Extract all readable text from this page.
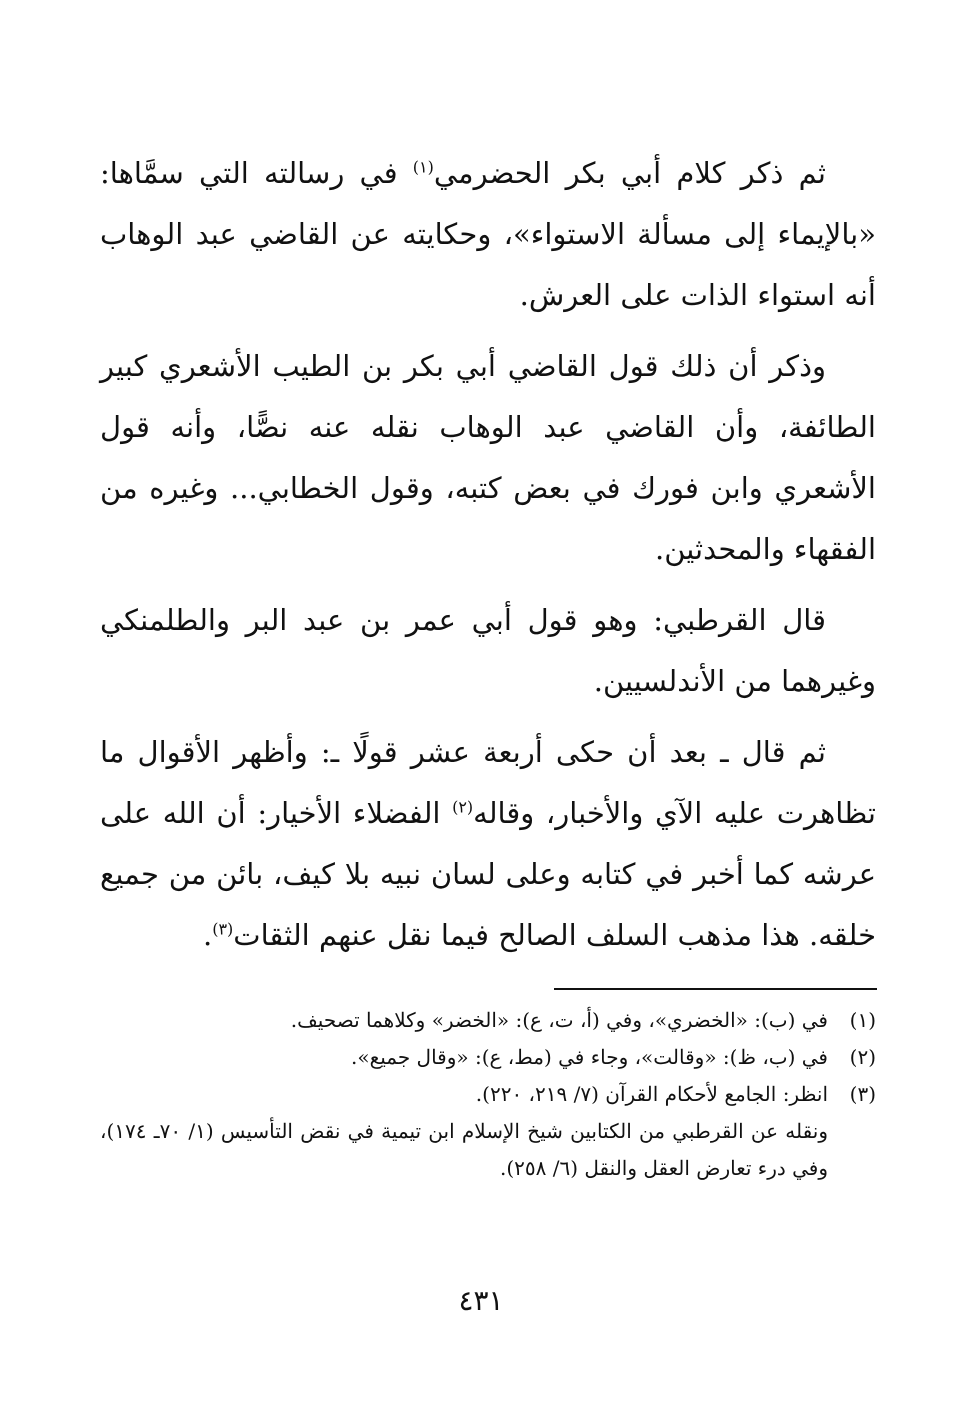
ثم ذكر كلام أبي بكر الحضرمي$^{(١)}$ في رسالته التي سمَّاها: «بالإيماء إلى مسألة الاستواء»، وحكايته عن القاضي عبد الوهاب أنه استواء الذات على العرش.

وذكر أن ذلك قول القاضي أبي بكر بن الطيب الأشعري كبير الطائفة، وأن القاضي عبد الوهاب نقله عنه نصًّا، وأنه قول الأشعري وابن فورك في بعض كتبه، وقول الخطابي... وغيره من الفقهاء والمحدثين.

قال القرطبي: وهو قول أبي عمر بن عبد البر والطلمنكي وغيرهما من الأندلسيين.

ثم قال ـ بعد أن حكى أربعة عشر قولًا ـ: وأظهر الأقوال ما تظاهرت عليه الآي والأخبار، وقاله$^{(٢)}$ الفضلاء الأخيار: أن الله على عرشه كما أخبر في كتابه وعلى لسان نبيه بلا كيف، بائن من جميع خلقه. هذا مذهب السلف الصالح فيما نقل عنهم الثقات$^{(٣)}$.

(١)
في (ب): «الخضري»، وفي (أ، ت، ع): «الخضر» وكلاهما تصحيف.

(٢)
في (ب، ظ): «وقالت»، وجاء في (مط، ع): «وقال جميع».

(٣)
انظر: الجامع لأحكام القرآن (٧/ ٢١٩، ٢٢٠).

ونقله عن القرطبي من الكتابين شيخ الإسلام ابن تيمية في نقض التأسيس (١/ ٧٠ـ ١٧٤)، وفي درء تعارض العقل والنقل (٦/ ٢٥٨).

٤٣١
